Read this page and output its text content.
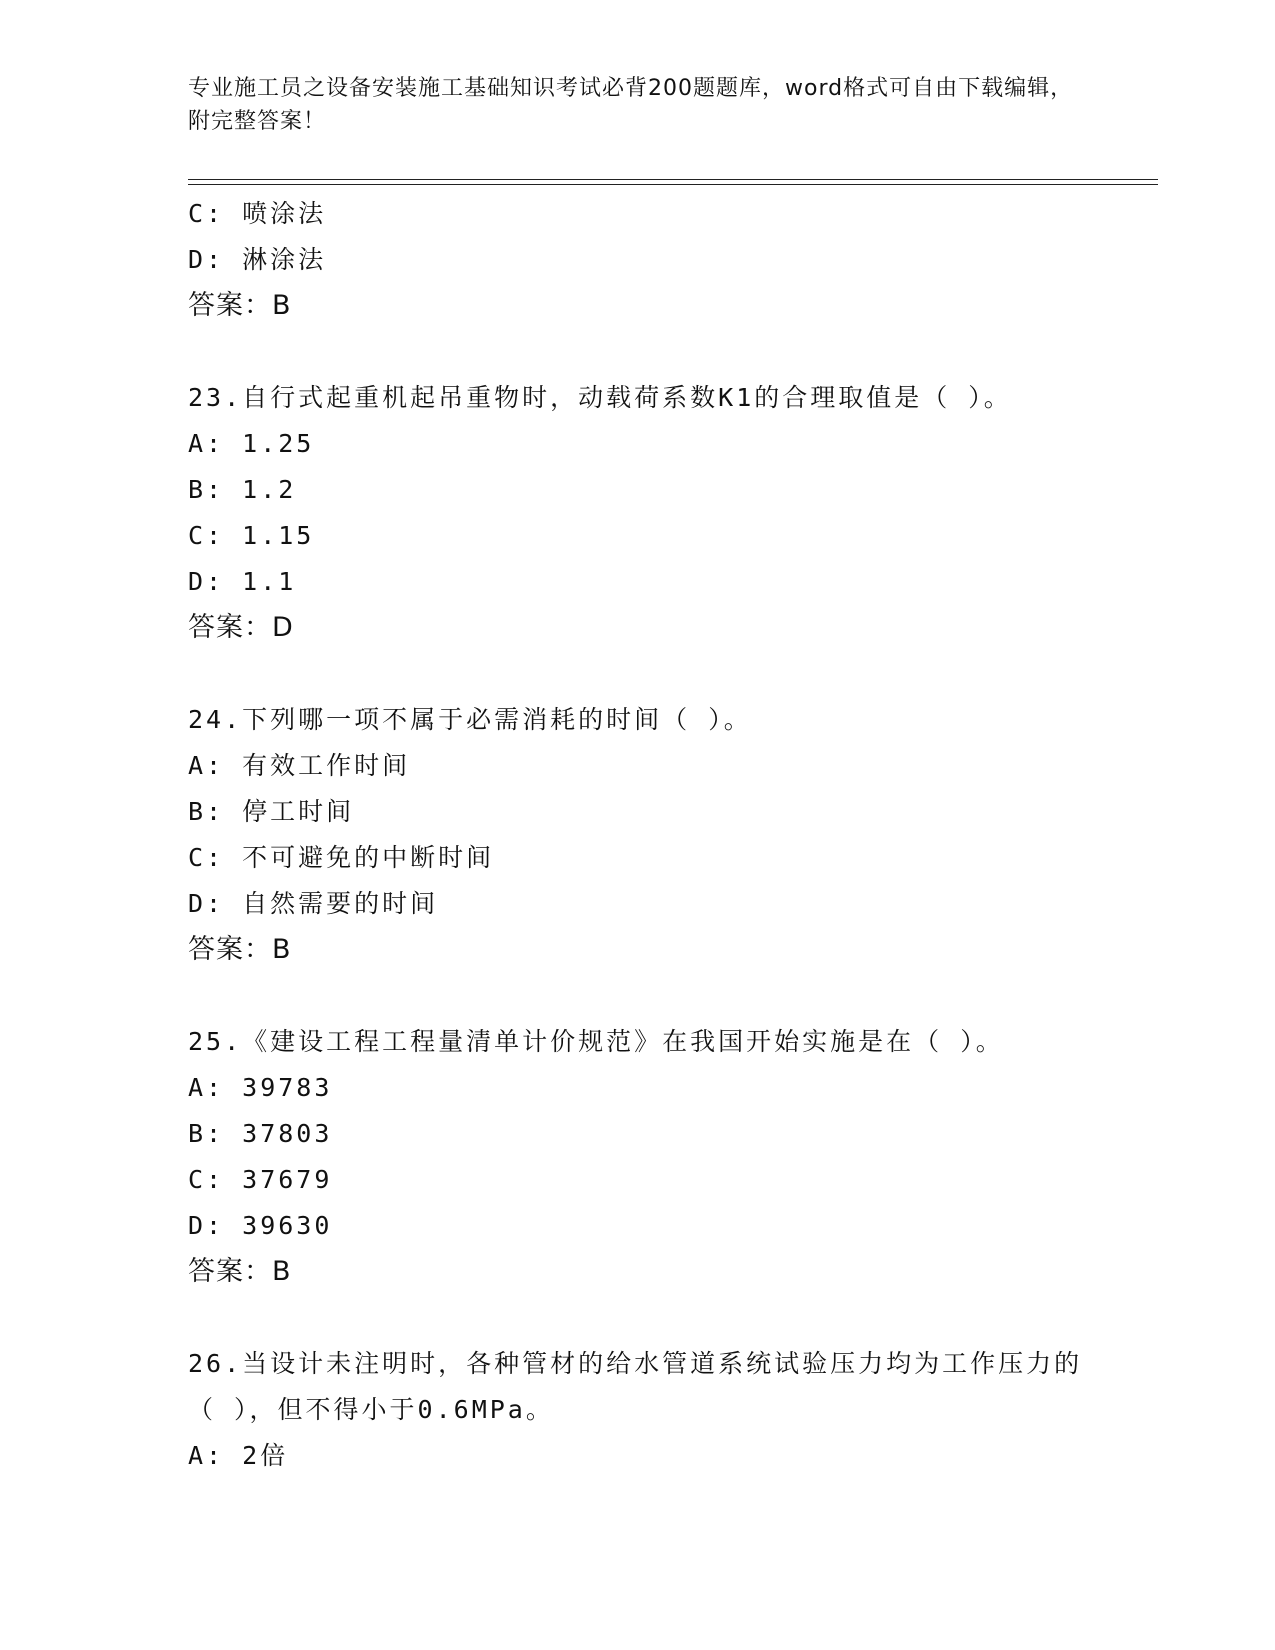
专业施工员之设备安装施工基础知识考试必背200题题库，word格式可自由下载编辑，附完整答案！
C: 喷涂法
D: 淋涂法
答案：B
23.自行式起重机起吊重物时，动载荷系数K1的合理取值是（ ）。
A: 1.25
B: 1.2
C: 1.15
D: 1.1
答案：D
24.下列哪一项不属于必需消耗的时间（ ）。
A: 有效工作时间
B: 停工时间
C: 不可避免的中断时间
D: 自然需要的时间
答案：B
25.《建设工程工程量清单计价规范》在我国开始实施是在（ ）。
A: 39783
B: 37803
C: 37679
D: 39630
答案：B
26.当设计未注明时，各种管材的给水管道系统试验压力均为工作压力的（ ），但不得小于0.6MPa。
A: 2倍
